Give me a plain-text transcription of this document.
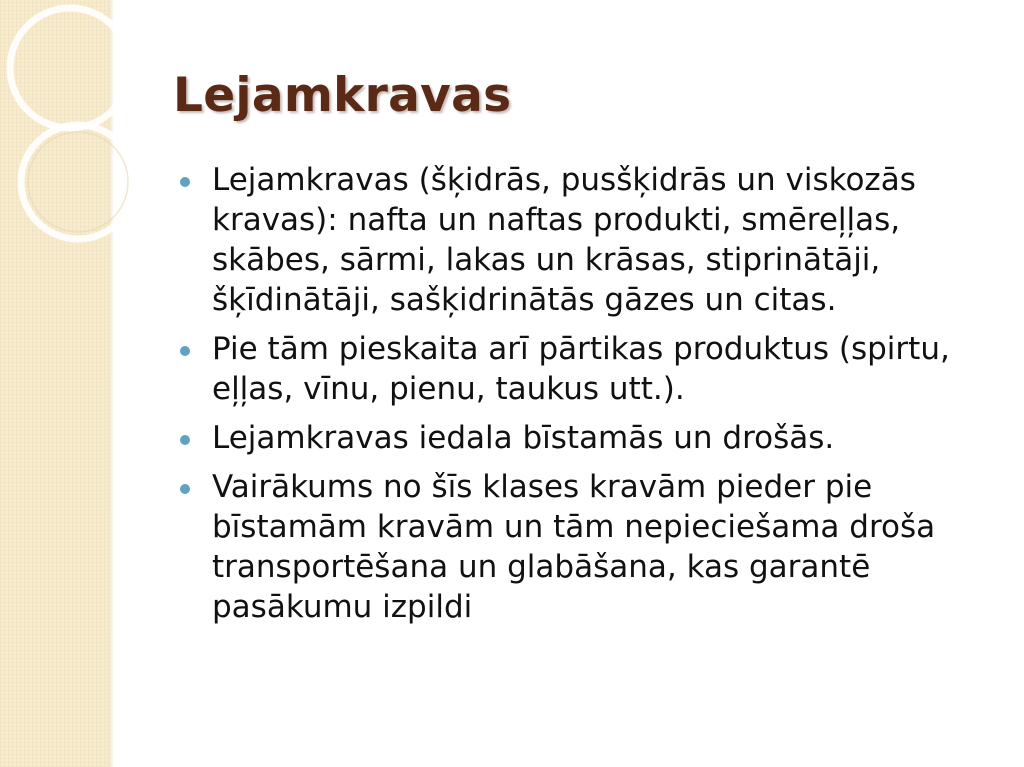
Lejamkravas
Lejamkravas (šķidrās, pusšķidrās un viskozās kravas): nafta un naftas produkti, smēreļļas, skābes, sārmi, lakas un krāsas, stiprinātāji, šķīdinātāji, sašķidrinātās gāzes un citas.
Pie tām pieskaita arī pārtikas produktus (spirtu, eļļas, vīnu, pienu, taukus utt.).
Lejamkravas iedala bīstamās un drošās.
Vairākums no šīs klases kravām pieder pie bīstamām kravām un tām nepieciešama droša transportēšana un glabāšana, kas garantē pasākumu izpildi
